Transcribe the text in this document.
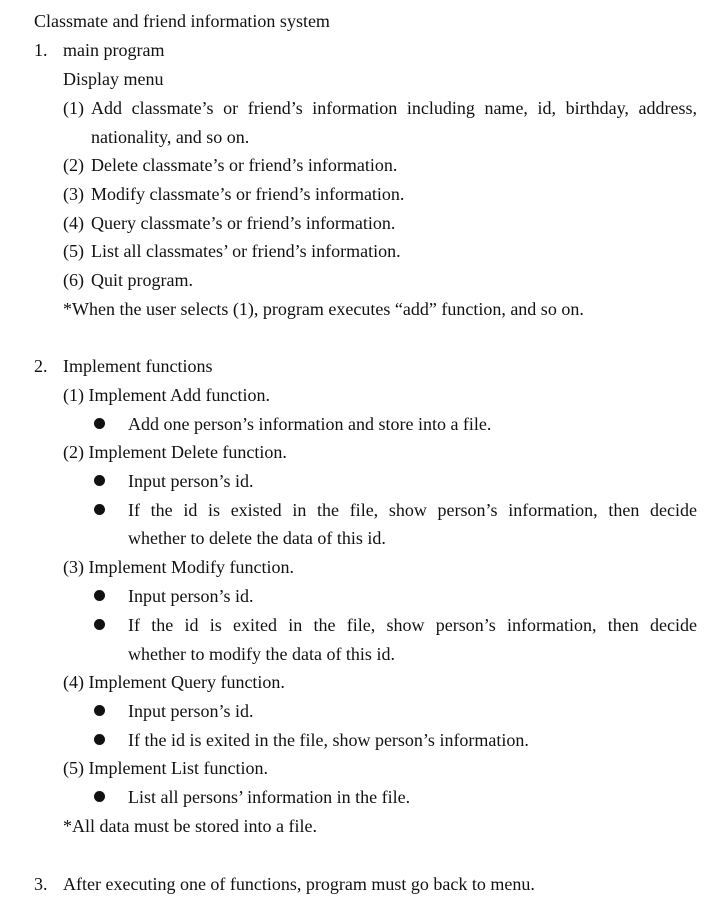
Classmate and friend information system
1. main program
Display menu
(1) Add classmate’s or friend’s information including name, id, birthday, address,
nationality, and so on.
(2) Delete classmate’s or friend’s information.
(3) Modify classmate’s or friend’s information.
(4) Query classmate’s or friend’s information.
(5) List all classmates’ or friend’s information.
(6) Quit program.
*When the user selects (1), program executes “add” function, and so on.
2. Implement functions
(1) Implement Add function.
Add one person’s information and store into a file.
(2) Implement Delete function.
Input person’s id.
If the id is existed in the file, show person’s information, then decide
whether to delete the data of this id.
(3) Implement Modify function.
Input person’s id.
If the id is exited in the file, show person’s information, then decide
whether to modify the data of this id.
(4) Implement Query function.
Input person’s id.
If the id is exited in the file, show person’s information.
(5) Implement List function.
List all persons’ information in the file.
*All data must be stored into a file.
3. After executing one of functions, program must go back to menu.
